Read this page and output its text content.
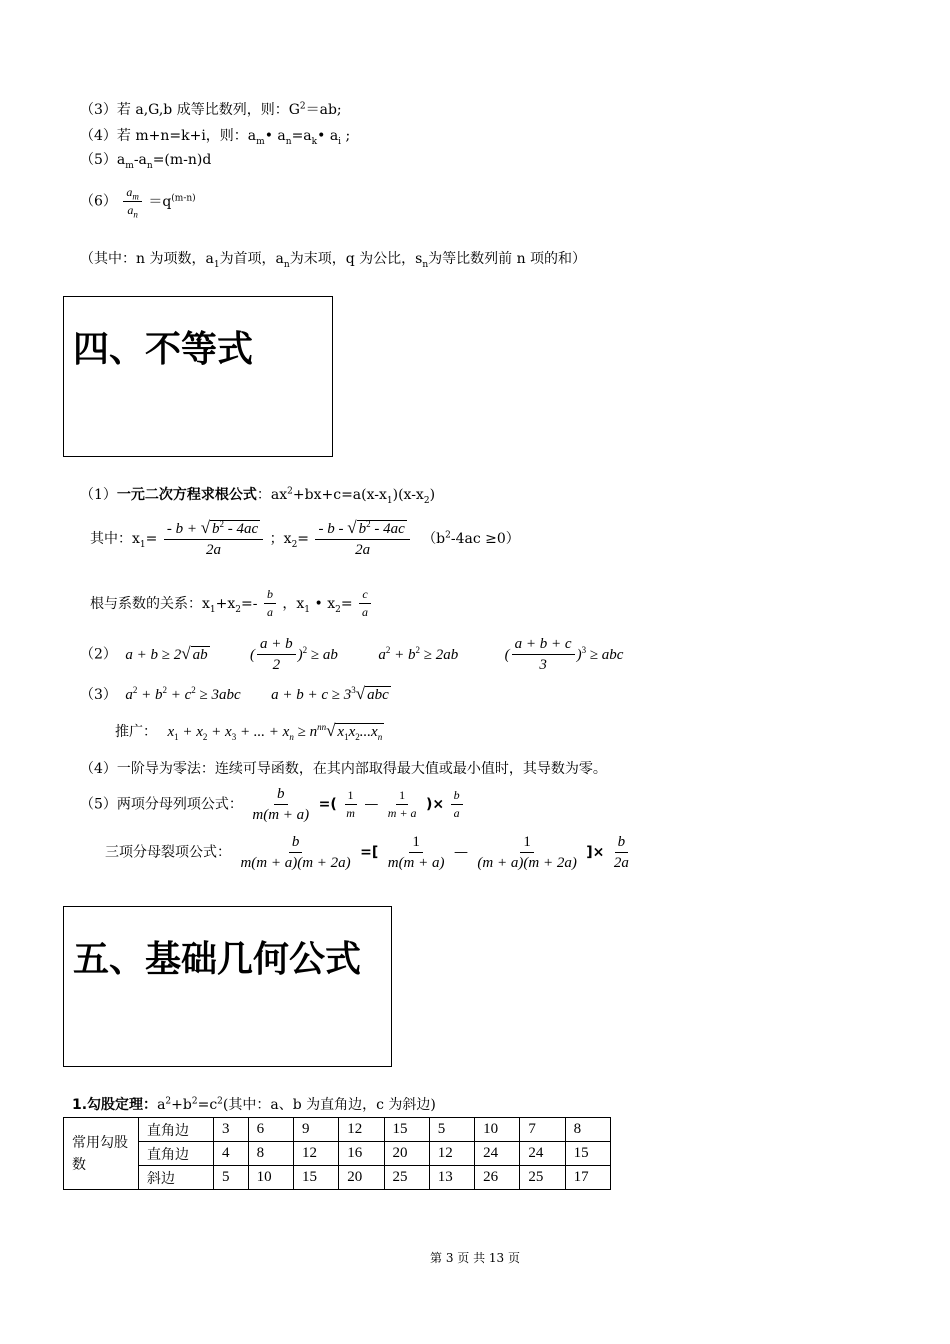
（3）若 a,G,b 成等比数列，则：$G^2=ab$;
（4）若 m+n=k+i，则：$a_m•$ $a_n=a_k•$ $a_i$ ;
$(5)a_m-a_n=(m-n)d$
$(6) \frac{a_m}{a_n} =q^{(m-n)}$
（其中：n 为项数，$a_1$为首项，$a_n$为末项，q 为公比，$s_n$为等比数列前 n 项的和）
四、不等式
（1）一元二次方程求根公式：$ax^2+bx+c=a(x-x_1)(x-x_2)$
其中：$x_1= \frac{- b + √ b^2 - 4ac}{2a}$ ；$x_2= \frac{- b - √ b^2 - 4ac}{2a} (b^2-4ac \ge 0)$
根与系数的关系：$x_1+x_2=- \frac{b}{a}$ ，$x_1$ • $x_2= \frac{c}{a}$
（2） a + b ≥ 2√ ab	( $\frac{a + b}{2} )^2$ ≥ ab	$a^2 + b^2 \ge 2ab$	( $\frac{a + b + c}{3} )^3$ ≥ abc
（3） $a^2 + b^2 + c^2 \ge 3abc$ $a + b + c \ge 3^3√$ abc
推广： $x_1 + x_2 + x_3$ + ... + $x_n \ge n^{nn}√$ $x_1x_2...x_n$
（4）一阶导为零法：连续可导函数，在其内部取得最大值或最小值时，其导数为零。
（5）两项分母列项公式： $\frac{b}{m(m + a)}$ =( $\frac{1}{m}$ — $\frac{1}{m + a}$ )× $\frac{b}{a}$
三项分母裂项公式： $\frac{b}{m(m + a)(m + 2a)}$ =[ $\frac{1}{m(m + a)}$ — $\frac{1}{(m + a)(m + 2a)}$ ]× $\frac{b}{2a}$
五、基础几何公式
1.勾股定理：$a^2+b^2=c^2$(其中：a、b 为直角边，c 为斜边)
常用勾股数	直角边	3	6	9	12	15	5	10	7	8
	直角边	4	8	12	16	20	12	24	24	15
	斜边	5	10	15	20	25	13	26	25	17
第 3 页 共 13 页
